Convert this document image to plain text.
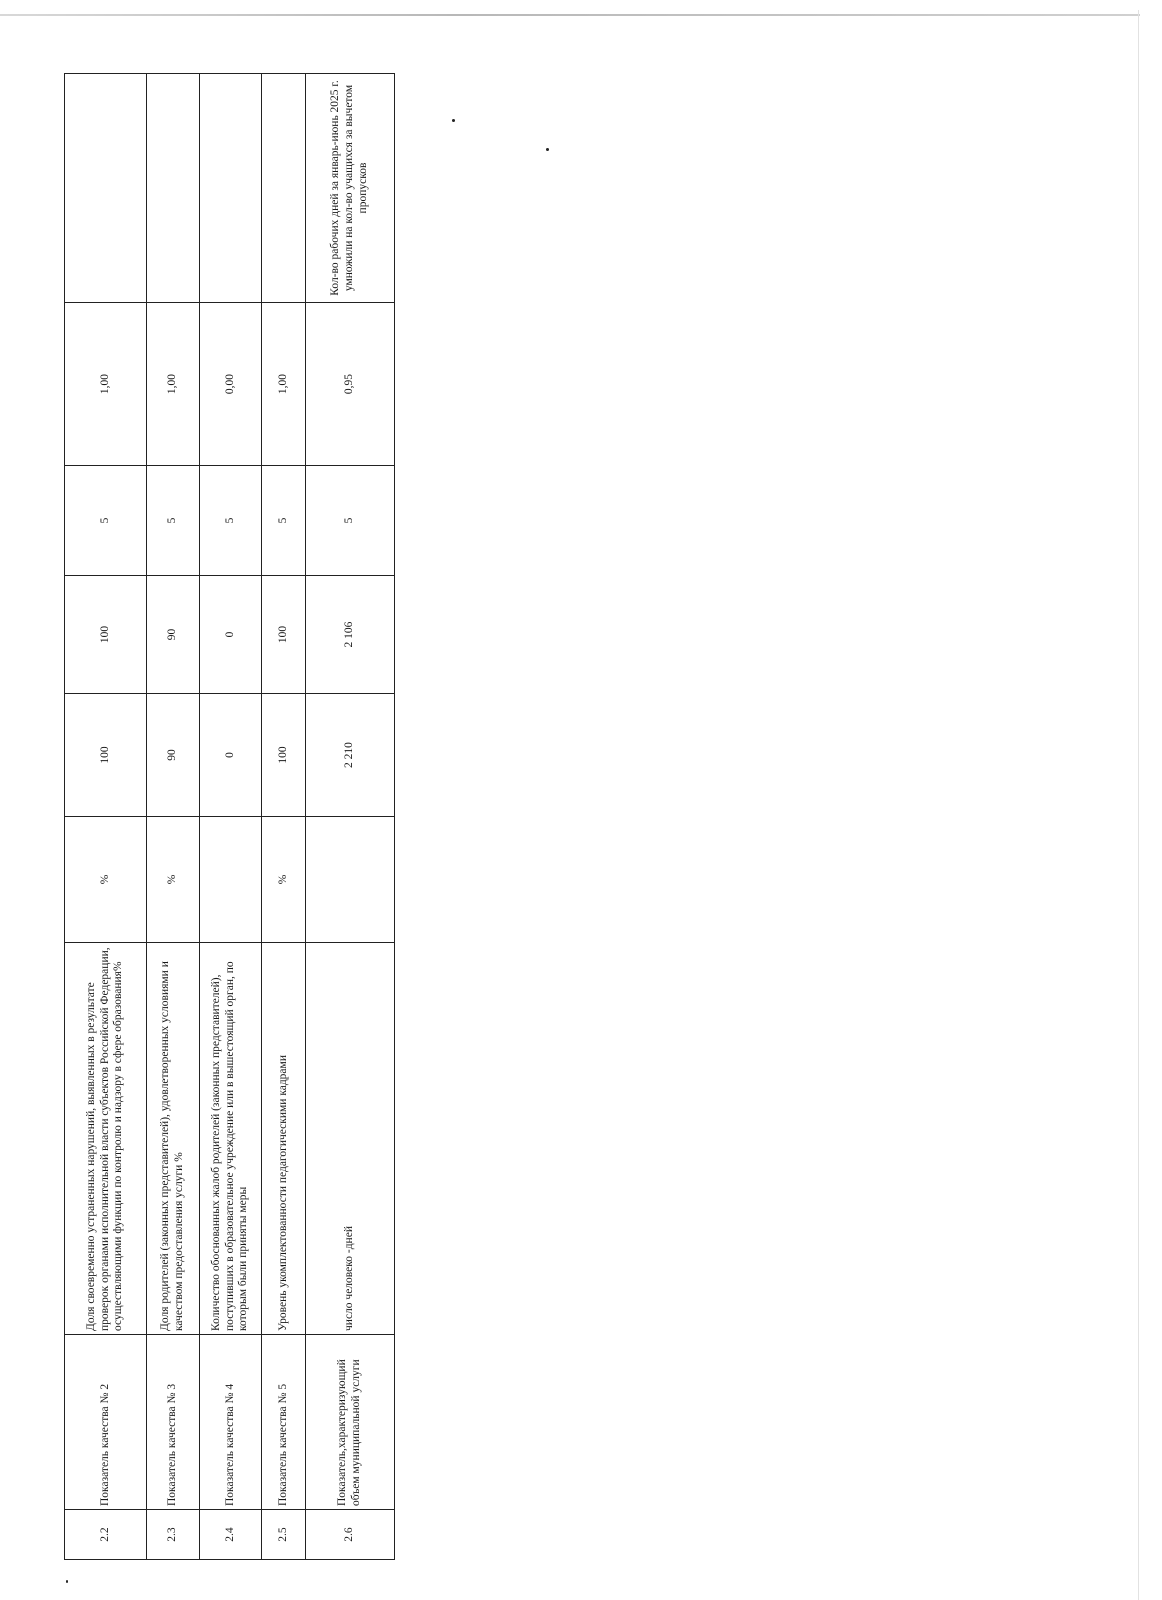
2.2	Показатель качества № 2	Доля своевременно устраненных нарушений, выявленных в результате проверок органами исполнительной власти субъектов Российской Федерации, осуществляющими функции по контролю и надзору в сфере образования%	%	100	100	5	1,00	
2.3	Показатель качества № 3	Доля родителей (законных представителей), удовлетворенных условиями и качеством предоставления услуги %	%	90	90	5	1,00	
2.4	Показатель качества № 4	Количество обоснованных жалоб родителей (законных представителей), поступивших в образовательное учреждение или в вышестоящий орган, по которым были приняты меры		0	0	5	0,00	
2.5	Показатель качества № 5	Уровень укомплектованности педагогическими кадрами	%	100	100	5	1,00	
2.6	Показатель,характеризующий объем муниципальной услуги	число человеко -дней		2 210	2 106	5	0,95	Кол-во рабочих дней за январь-июнь 2025 г. умножили на кол-во учащихся за вычетом пропусков
